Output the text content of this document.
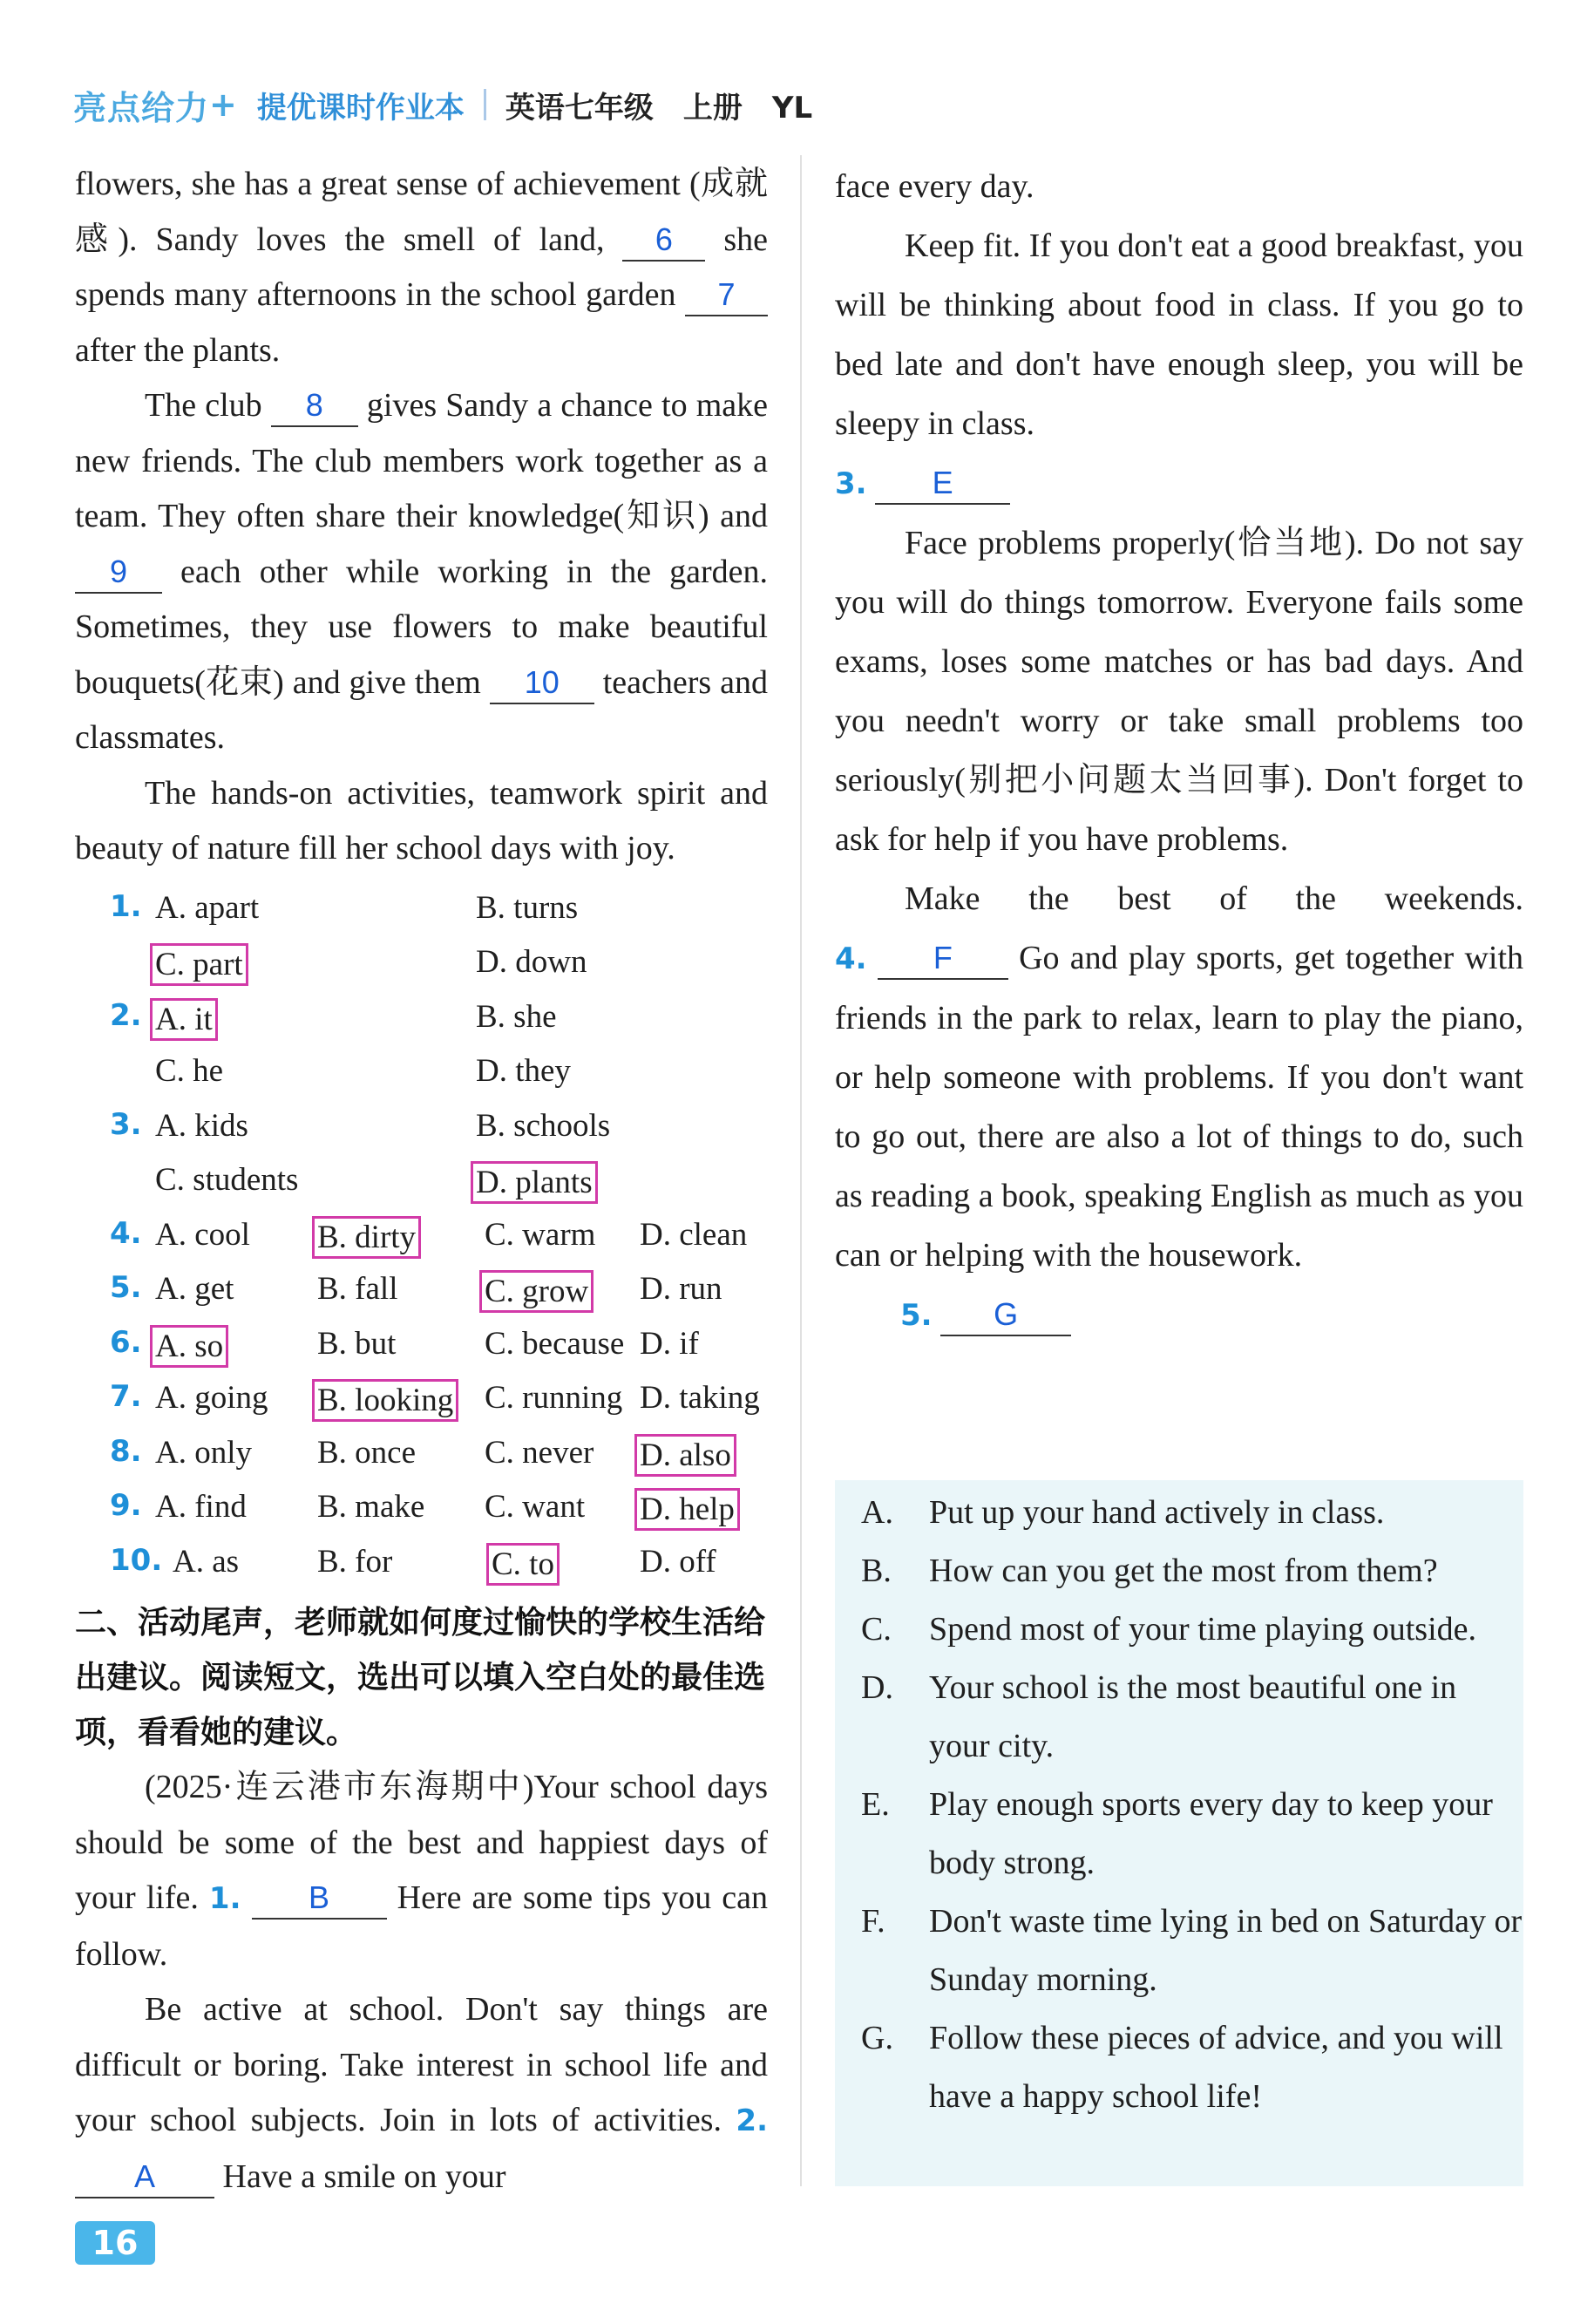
亮点给力 + 提优课时作业本 英语七年级　上册　YL

flowers, she has a great sense of achievement (成就感). Sandy loves the smell of land, 6 she spends many afternoons in the school garden 7 after the plants.

The club 8 gives Sandy a chance to make new friends. The club members work together as a team. They often share their knowledge(知识) and 9 each other while working in the garden. Sometimes, they use flowers to make beautiful bouquets(花束) and give them 10 teachers and classmates.

The hands-on activities, teamwork spirit and beauty of nature fill her school days with joy.

1. A. apart	B. turns
C. part	D. down
2. A. it	B. she
C. he	D. they
3. A. kids	B. schools
C. students	D. plants
4. A. cool B. dirty C. warm D. clean
5. A. get	B. fall	C. grow D. run
6. A. so	B. but	C. because D. if
7. A. going B. looking C. running D. taking
8. A. only B. once C. never D. also
9. A. find B. make C. want D. help
10. A. as B. for	C. to	D. off
二、活动尾声，老师就如何度过愉快的学校生活给出建议。阅读短文，选出可以填入空白处的最佳选项，看看她的建议。

(2025·连云港市东海期中)Your school days should be some of the best and happiest days of your life. 1. B Here are some tips you can follow.

Be active at school. Don't say things are difficult or boring. Take interest in school life and your school subjects. Join in lots of activities. 2. A Have a smile on your

face every day.

Keep fit. If you don't eat a good breakfast, you will be thinking about food in class. If you go to bed late and don't have enough sleep, you will be sleepy in class.

3. E

Face problems properly(恰当地). Do not say you will do things tomorrow. Everyone fails some exams, loses some matches or has bad days. And you needn't worry or take small problems too seriously(别把小问题太当回事). Don't forget to ask for help if you have problems.

Make the best of the weekends.

4. F Go and play sports, get together with friends in the park to relax, learn to play the piano, or help someone with problems. If you don't want to go out, there are also a lot of things to do, such as reading a book, speaking English as much as you can or helping with the housework.

5. G

A. Put up your hand actively in class.
B. How can you get the most from them?
C. Spend most of your time playing outside.
D. Your school is the most beautiful one in your city.
E. Play enough sports every day to keep your body strong.
F. Don't waste time lying in bed on Saturday or Sunday morning.
G. Follow these pieces of advice, and you will have a happy school life!
16
